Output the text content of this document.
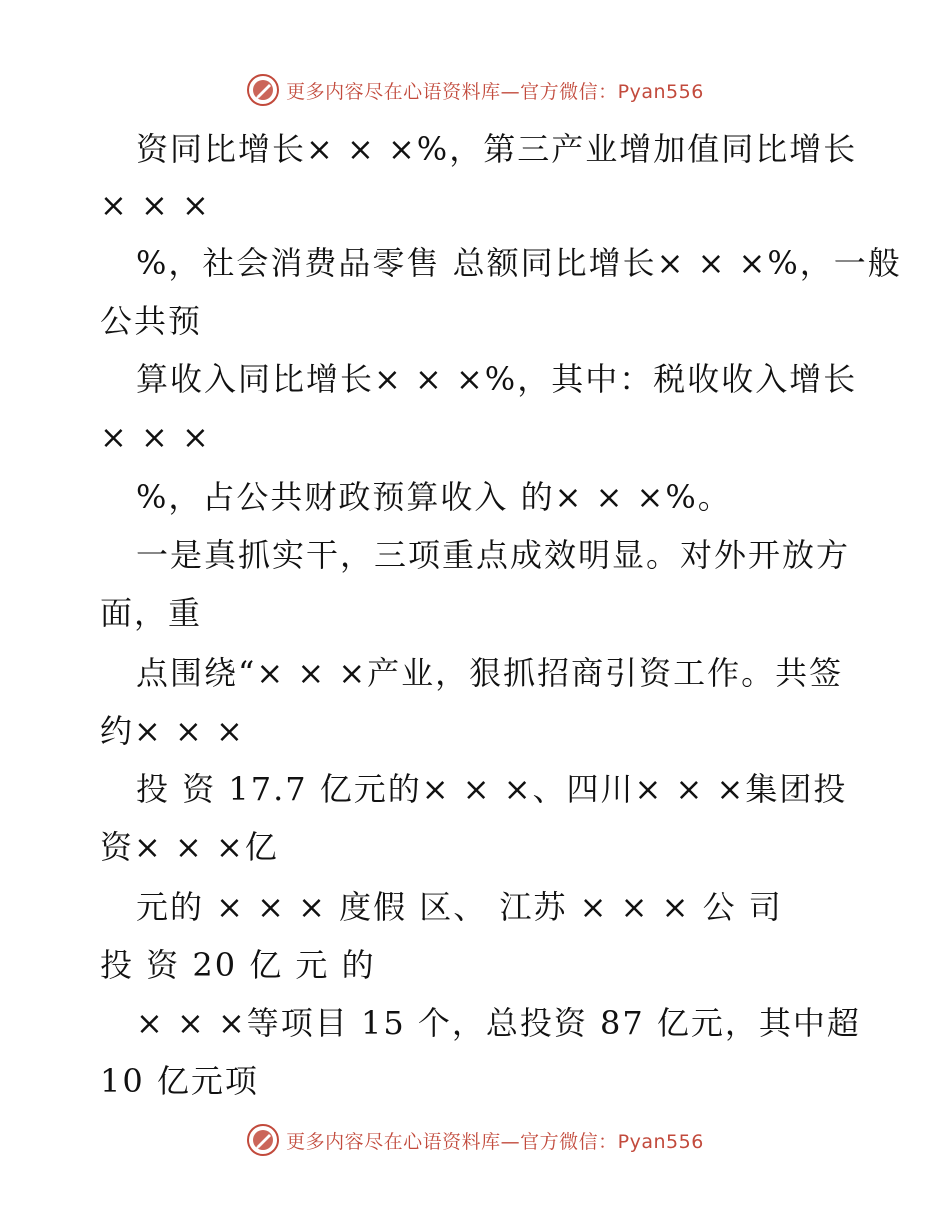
更多内容尽在心语资料库—官方微信：Pyan556
资同比增长× × ×%，第三产业增加值同比增长
× × ×
%，社会消费品零售 总额同比增长× × ×%，一般
公共预
算收入同比增长× × ×%，其中：税收收入增长
× × ×
%，占公共财政预算收入 的× × ×%。
一是真抓实干，三项重点成效明显。对外开放方
面，重
点围绕“× × ×产业，狠抓招商引资工作。共签
约× × ×
投 资 17.7 亿元的× × ×、四川× × ×集团投
资× × ×亿
元的 × × × 度假 区、 江苏 × × × 公 司
投 资 20 亿 元 的
× × ×等项目 15 个，总投资 87 亿元，其中超
10 亿元项
更多内容尽在心语资料库—官方微信：Pyan556
